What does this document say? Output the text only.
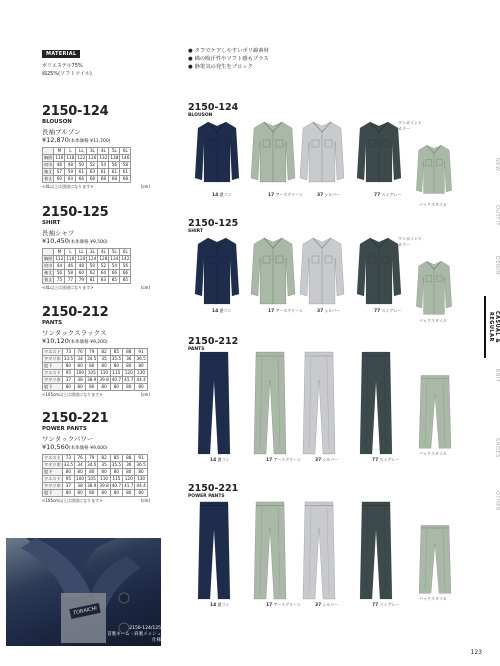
MATERIAL
ポリエステル75%
綿25%(ソフトツイル)
● タフでケアしやすいポリ綿素材
● 綿の吸汗性やソフト感もプラス
● 静電気の発生をブロック
2150-124
BLOUSON
長袖ブルゾン
¥12,870(本体価格 ¥11,700)
	M	L	LL	3L	4L	5L	6L
胸囲	116	118	122	126	132	138	146
肩巾	46	48	50	52	54	56	58
袖丈	57	59	61	63	61	61	61
着丈	60	64	66	68	68	68	68
<4L以上は別途になります>	(cm)
2150-125
SHIRT
長袖シャツ
¥10,450(本体価格 ¥9,500)
	M	L	LL	3L	4L	5L	6L
胸囲	112	116	120	124	128	134	142
肩巾	44	46	48	50	52	54	56
袖丈	56	58	60	62	64	66	66
着丈	75	77	79	81	83	85	85
<4L以上は別途になります>	(cm)
2150-212
PANTS
ワンタックスラックス
¥10,120(本体価格 ¥9,200)
ウエスト	73	76	79	82	85	88	91
ワタリ巾	33.5	34	34.5	35	35.5	36	36.5
股下	80	80	80	80	80	80	80
ウエスト	95	100	105	110	115	120	130
ワタリ巾	37	38	38.9	39.8	40.7	41.7	44.4
股下	80	80	80	80	80	80	80
<105cm以上は別途になります>	(cm)
2150-221
POWER PANTS
ワンタックパワー
¥10,560(本体価格 ¥9,600)
ウエスト	73	76	79	82	85	88	91
ワタリ巾	33.5	34	34.5	35	35.5	36	36.5
股下	80	80	80	80	80	80	80
ウエスト	95	100	105	110	115	120	130
ワタリ巾	37	38	38.9	39.8	40.7	41.7	44.4
股下	80	80	80	80	80	80	80
<105cm以上は別途になります>	(cm)
TORAICHI
2150-124/125
首裏ネーム・肩裏メッシュ仕様
2150-124
BLOUSON
14 濃コン	17 アースグリーン	37 シルバー	77 スミグレー
バックスタイル
ワンポイントカラー
2150-125
SHIRT
14 濃コン	17 アースグリーン	37 シルバー	77 スミグレー
バックスタイル
ワンポイントカラー
2150-212
PANTS
14 濃コン	17 アースグリーン	37 シルバー	77 スミグレー
バックスタイル
2150-221
POWER PANTS
14 濃コン	17 アースグリーン	37 シルバー	77 スミグレー
バックスタイル
NEW
OUTFIT
DENIM
CASUAL & REGULAR
KNIT
SHOES
OTHER
123
